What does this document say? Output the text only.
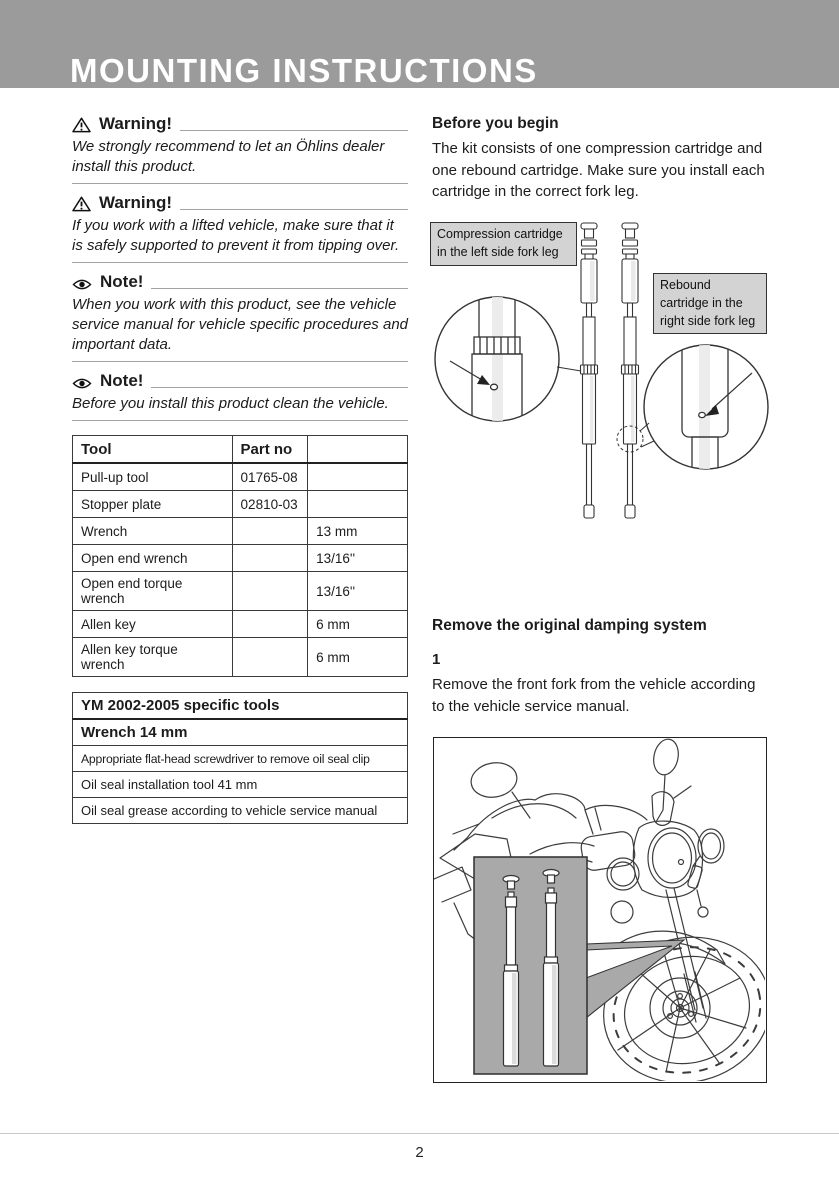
MOUNTING INSTRUCTIONS
Warning!

We strongly recommend to let an Öhlins dealer install this product.

Warning!

If you work with a lifted vehicle, make sure that it is safely supported to prevent it from tipping over.

Note!

When you work with this product, see the vehicle service manual for vehicle specific procedures and important data.

Note!

Before you install this product clean the vehicle.

Tool	Part no	
Pull-up tool	01765-08	
Stopper plate	02810-03	
Wrench		13 mm
Open end wrench		13/16''
Open end torque wrench		13/16''
Allen key		6 mm
Allen key torque wrench		6 mm
YM 2002-2005 specific tools
Wrench 14 mm
Appropriate flat-head screwdriver to remove oil seal clip
Oil seal installation tool 41 mm
Oil seal grease according to vehicle service manual

Before you begin

The kit consists of one compression cartridge and one rebound cartridge. Make sure you install each cartridge in the correct fork leg.

Compression cartridge in the left side fork leg
Rebound cartridge in the right side fork leg

Remove the original damping system

1

Remove the front fork from the vehicle according to the vehicle service manual.

2
